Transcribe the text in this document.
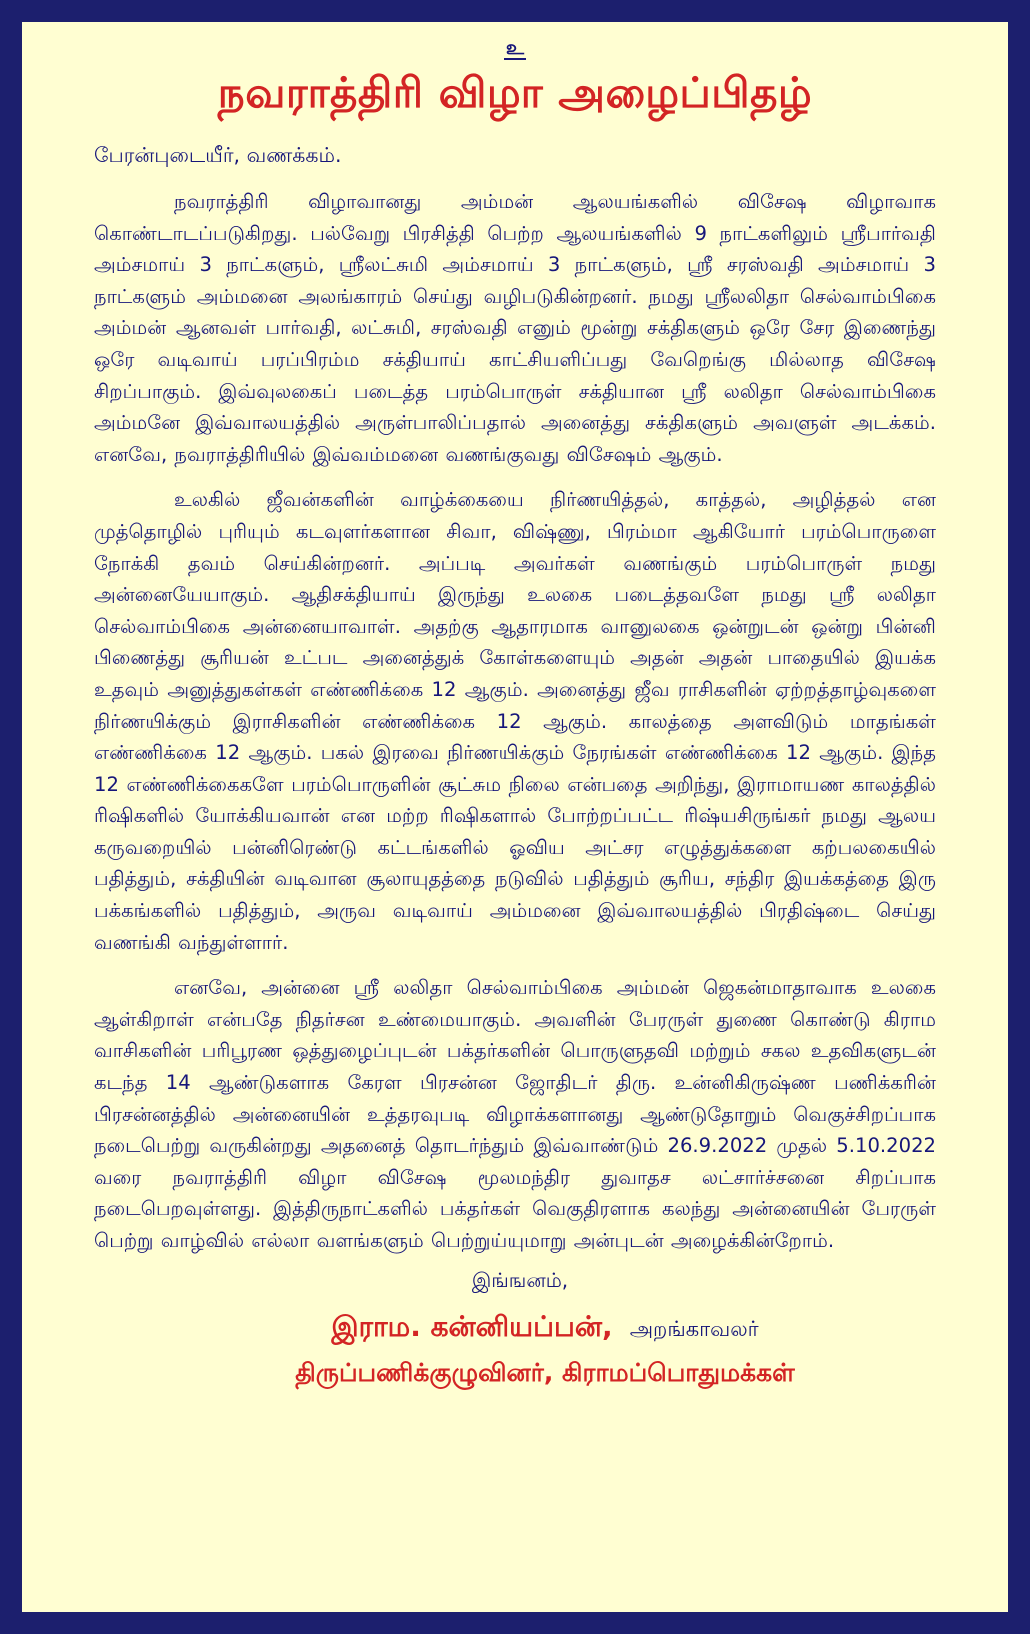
உ
நவராத்திரி விழா அழைப்பிதழ்
பேரன்புடையீர், வணக்கம்.

நவராத்திரி விழாவானது அம்மன் ஆலயங்களில் விசேஷ விழாவாக கொண்டாடப்படுகிறது. பல்வேறு பிரசித்தி பெற்ற ஆலயங்களில் 9 நாட்களிலும் ஸ்ரீபார்வதி அம்சமாய் 3 நாட்களும், ஸ்ரீலட்சுமி அம்சமாய் 3 நாட்களும், ஸ்ரீ சரஸ்வதி அம்சமாய் 3 நாட்களும் அம்மனை அலங்காரம் செய்து வழிபடுகின்றனர். நமது ஸ்ரீலலிதா செல்வாம்பிகை அம்மன் ஆனவள் பார்வதி, லட்சுமி, சரஸ்வதி எனும் மூன்று சக்திகளும் ஒரே சேர இணைந்து ஒரே வடிவாய் பரப்பிரம்ம சக்தியாய் காட்சியளிப்பது வேறெங்கு மில்லாத விசேஷ சிறப்பாகும். இவ்வுலகைப் படைத்த பரம்பொருள் சக்தியான ஸ்ரீ லலிதா செல்வாம்பிகை அம்மனே இவ்வாலயத்தில் அருள்பாலிப்பதால் அனைத்து சக்திகளும் அவளுள் அடக்கம். எனவே, நவராத்திரியில் இவ்வம்மனை வணங்குவது விசேஷம் ஆகும்.

உலகில் ஜீவன்களின் வாழ்க்கையை நிர்ணயித்தல், காத்தல், அழித்தல் என முத்தொழில் புரியும் கடவுளர்களான சிவா, விஷ்ணு, பிரம்மா ஆகியோர் பரம்பொருளை நோக்கி தவம் செய்கின்றனர். அப்படி அவர்கள் வணங்கும் பரம்பொருள் நமது அன்னையேயாகும். ஆதிசக்தியாய் இருந்து உலகை படைத்தவளே நமது ஸ்ரீ லலிதா செல்வாம்பிகை அன்னையாவாள். அதற்கு ஆதாரமாக வானுலகை ஒன்றுடன் ஒன்று பின்னி பிணைத்து சூரியன் உட்பட அனைத்துக் கோள்களையும் அதன் அதன் பாதையில் இயக்க உதவும் அனுத்துகள்கள் எண்ணிக்கை 12 ஆகும். அனைத்து ஜீவ ராசிகளின் ஏற்றத்தாழ்வுகளை நிர்ணயிக்கும் இராசிகளின் எண்ணிக்கை 12 ஆகும். காலத்தை அளவிடும் மாதங்கள் எண்ணிக்கை 12 ஆகும். பகல் இரவை நிர்ணயிக்கும் நேரங்கள் எண்ணிக்கை 12 ஆகும். இந்த 12 எண்ணிக்கைகளே பரம்பொருளின் சூட்சும நிலை என்பதை அறிந்து, இராமாயண காலத்தில் ரிஷிகளில் யோக்கியவான் என மற்ற ரிஷிகளால் போற்றப்பட்ட ரிஷ்யசிருங்கர் நமது ஆலய கருவறையில் பன்னிரெண்டு கட்டங்களில் ஓவிய அட்சர எழுத்துக்களை கற்பலகையில் பதித்தும், சக்தியின் வடிவான சூலாயுதத்தை நடுவில் பதித்தும் சூரிய, சந்திர இயக்கத்தை இரு பக்கங்களில் பதித்தும், அருவ வடிவாய் அம்மனை இவ்வாலயத்தில் பிரதிஷ்டை செய்து வணங்கி வந்துள்ளார்.

எனவே, அன்னை ஸ்ரீ லலிதா செல்வாம்பிகை அம்மன் ஜெகன்மாதாவாக உலகை ஆள்கிறாள் என்பதே நிதர்சன உண்மையாகும். அவளின் பேரருள் துணை கொண்டு கிராம வாசிகளின் பரிபூரண ஒத்துழைப்புடன் பக்தர்களின் பொருளுதவி மற்றும் சகல உதவிகளுடன் கடந்த 14 ஆண்டுகளாக கேரள பிரசன்ன ஜோதிடர் திரு. உன்னிகிருஷ்ண பணிக்கரின் பிரசன்னத்தில் அன்னையின் உத்தரவுபடி விழாக்களானது ஆண்டுதோறும் வெகுச்சிறப்பாக நடைபெற்று வருகின்றது அதனைத் தொடர்ந்தும் இவ்வாண்டும் 26.9.2022 முதல் 5.10.2022 வரை நவராத்திரி விழா விசேஷ மூலமந்திர துவாதச லட்சார்ச்சனை சிறப்பாக நடைபெறவுள்ளது. இத்திருநாட்களில் பக்தர்கள் வெகுதிரளாக கலந்து அன்னையின் பேரருள் பெற்று வாழ்வில் எல்லா வளங்களும் பெற்றுய்யுமாறு அன்புடன் அழைக்கின்றோம்.

இங்ஙனம்,
இராம. கன்னியப்பன், அறங்காவலர்
திருப்பணிக்குழுவினர், கிராமப்பொதுமக்கள்
